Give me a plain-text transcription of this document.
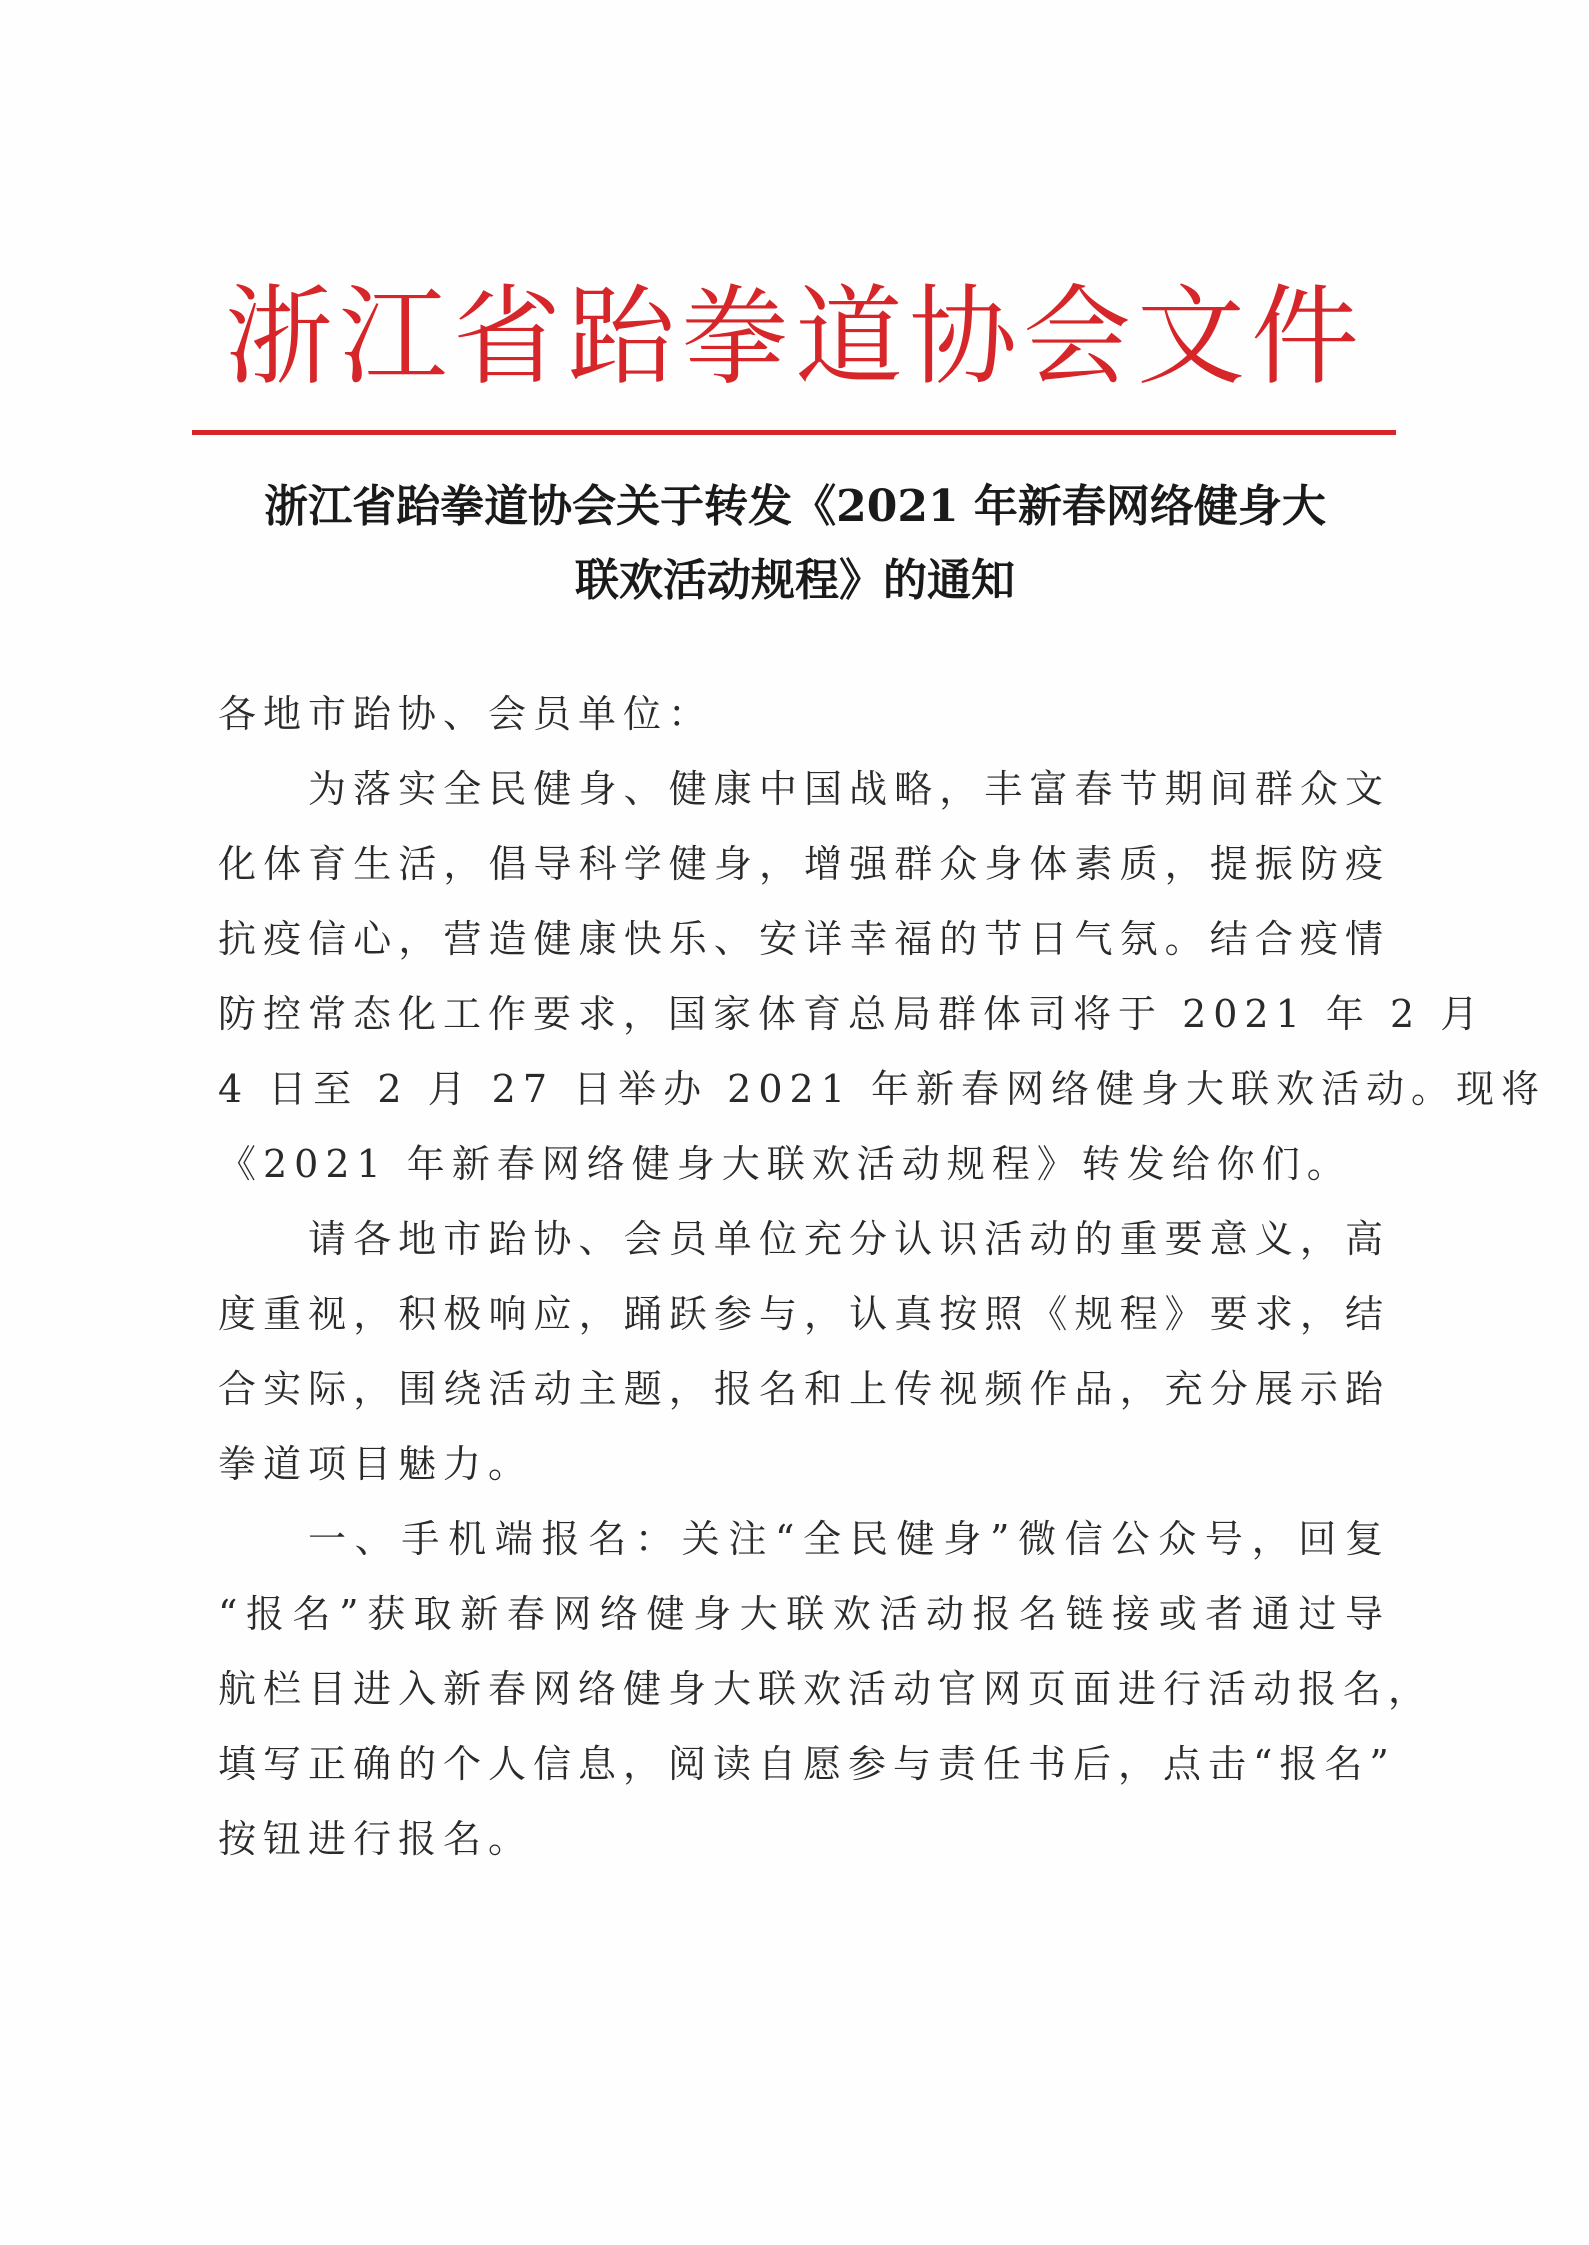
浙江省跆拳道协会文件
浙江省跆拳道协会关于转发《2021 年新春网络健身大
联欢活动规程》的通知
各地市跆协、会员单位：
为落实全民健身、健康中国战略，丰富春节期间群众文
化体育生活，倡导科学健身，增强群众身体素质，提振防疫
抗疫信心，营造健康快乐、安详幸福的节日气氛。结合疫情
防控常态化工作要求，国家体育总局群体司将于 2021 年 2 月
4 日至 2 月 27 日举办 2021 年新春网络健身大联欢活动。现将
《2021 年新春网络健身大联欢活动规程》转发给你们。
请各地市跆协、会员单位充分认识活动的重要意义，高
度重视，积极响应，踊跃参与，认真按照《规程》要求，结
合实际，围绕活动主题，报名和上传视频作品，充分展示跆
拳道项目魅力。
一、手机端报名：关注“全民健身”微信公众号，回复
“报名”获取新春网络健身大联欢活动报名链接或者通过导
航栏目进入新春网络健身大联欢活动官网页面进行活动报名，
填写正确的个人信息，阅读自愿参与责任书后，点击“报名”
按钮进行报名。
